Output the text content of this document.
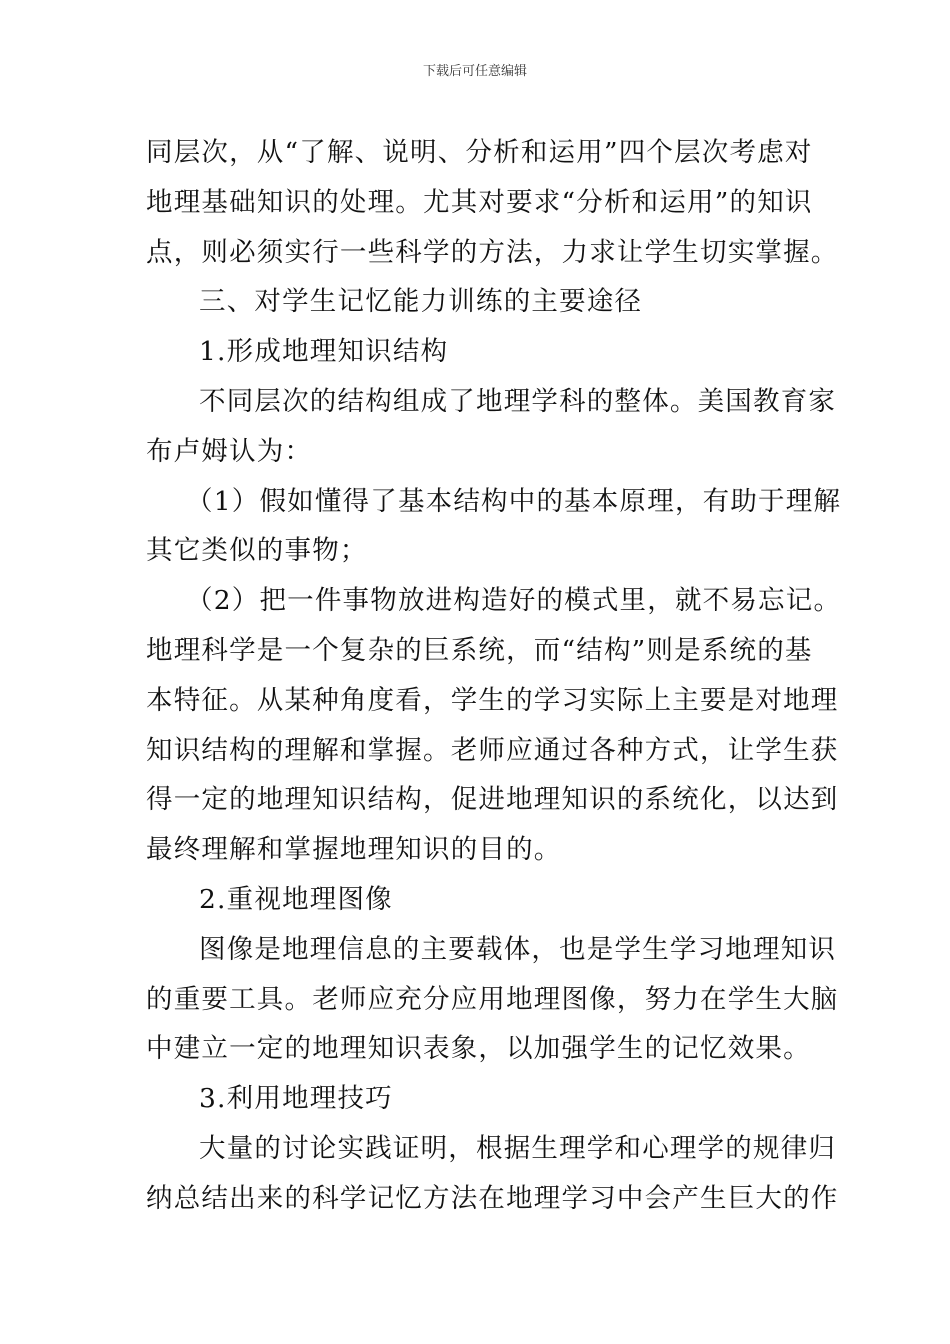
下载后可任意编辑

同层次，从“了解、说明、分析和运用”四个层次考虑对

地理基础知识的处理。尤其对要求“分析和运用”的知识

点，则必须实行一些科学的方法，力求让学生切实掌握。

三、对学生记忆能力训练的主要途径

1.形成地理知识结构

不同层次的结构组成了地理学科的整体。美国教育家

布卢姆认为：

（1）假如懂得了基本结构中的基本原理，有助于理解

其它类似的事物；

（2）把一件事物放进构造好的模式里，就不易忘记。

地理科学是一个复杂的巨系统，而“结构”则是系统的基

本特征。从某种角度看，学生的学习实际上主要是对地理

知识结构的理解和掌握。老师应通过各种方式，让学生获

得一定的地理知识结构，促进地理知识的系统化，以达到

最终理解和掌握地理知识的目的。

2.重视地理图像

图像是地理信息的主要载体，也是学生学习地理知识

的重要工具。老师应充分应用地理图像，努力在学生大脑

中建立一定的地理知识表象，以加强学生的记忆效果。

3.利用地理技巧

大量的讨论实践证明，根据生理学和心理学的规律归

纳总结出来的科学记忆方法在地理学习中会产生巨大的作
